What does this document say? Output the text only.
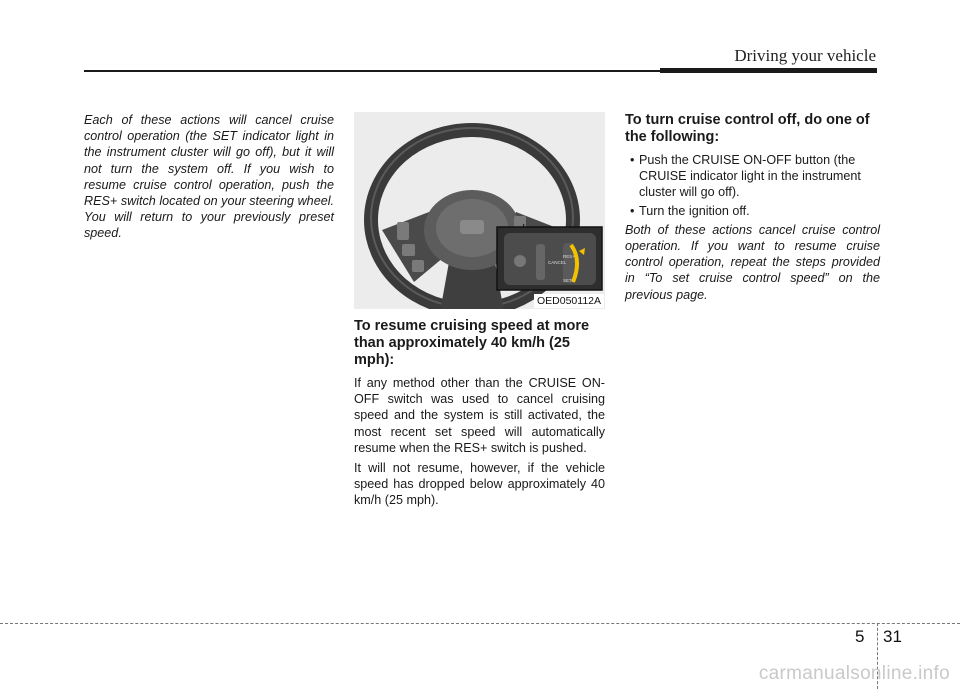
Driving your vehicle

Each of these actions will cancel cruise control operation (the SET indicator light in the instrument cluster will go off), but it will not turn the system off. If you wish to resume cruise control operation, push the RES+ switch located on your steering wheel. You will return to your previously preset speed.

CANCEL
RES+
SET-
OED050112A
To resume cruising speed at more than approximately 40 km/h (25 mph):

If any method other than the CRUISE ON-OFF switch was used to cancel cruising speed and the system is still activated, the most recent set speed will automatically resume when the RES+ switch is pushed.

It will not resume, however, if the vehicle speed has dropped below approximately 40 km/h (25 mph).

To turn cruise control off, do one of the following:
• Push the CRUISE ON-OFF button (the CRUISE indicator light in the instrument cluster will go off).
• Turn the ignition off.

Both of these actions cancel cruise control operation. If you want to resume cruise control operation, repeat the steps provided in “To set cruise control speed” on the previous page.

5 31
carmanualsonline.info
